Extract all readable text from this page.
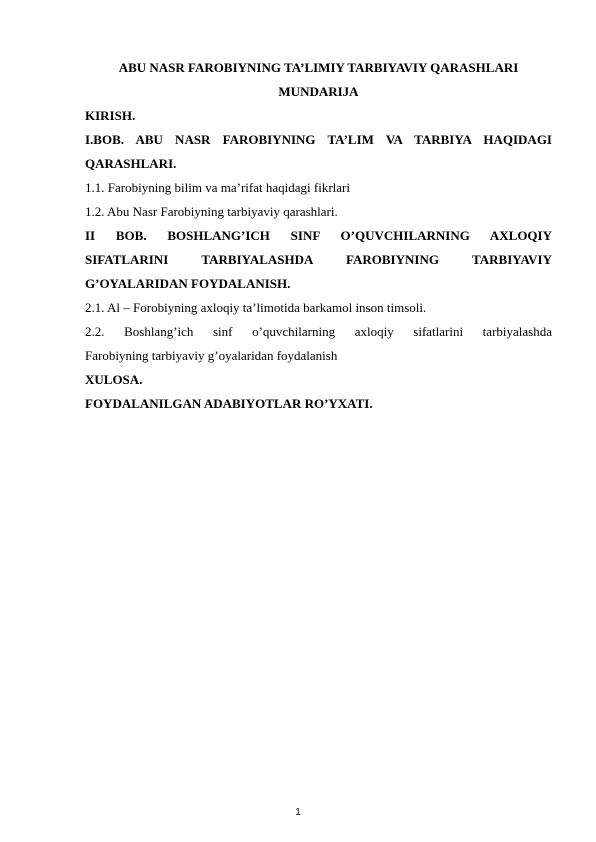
ABU NASR FAROBIYNING TA’LIMIY TARBIYAVIY QARASHLARI
MUNDARIJA
KIRISH.
I.BOB. ABU NASR FAROBIYNING TA’LIM VA TARBIYA HAQIDAGI
QARASHLARI.
1.1. Farobiyning bilim va ma’rifat haqidagi fikrlari
1.2. Abu Nasr Farobiyning tarbiyaviy qarashlari.
II BOB. BOSHLANG’ICH SINF O’QUVCHILARNING AXLOQIY
SIFATLARINI TARBIYALASHDA FAROBIYNING TARBIYAVIY
G’OYALARIDAN FOYDALANISH.
2.1. Al – Forobiyning axloqiy ta’limotida barkamol inson timsoli.
2.2. Boshlang’ich sinf o’quvchilarning axloqiy sifatlarini tarbiyalashda
Farobiyning tarbiyaviy g’oyalaridan foydalanish
XULOSA.
FOYDALANILGAN ADABIYOTLAR RO’YXATI.
1
